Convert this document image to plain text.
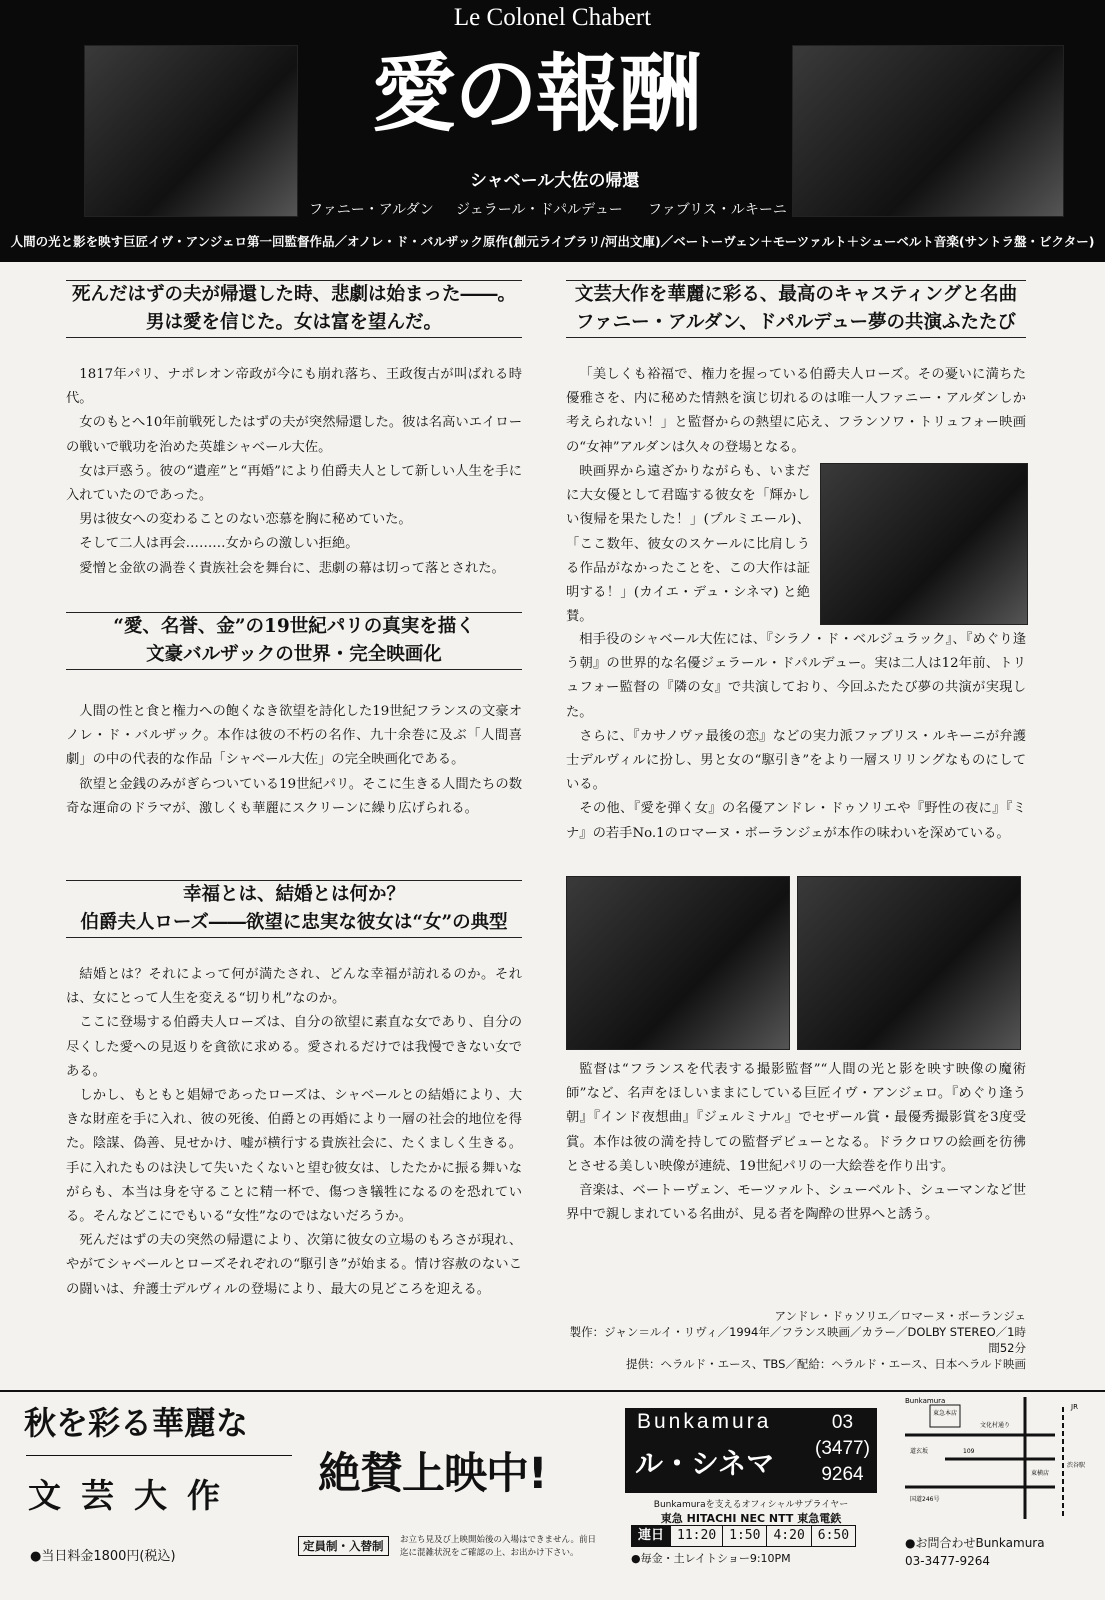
Le Colonel Chabert
愛の報酬
シャベール大佐の帰還
ファニー・アルダン ジェラール・ドパルデュー ファブリス・ルキーニ
人間の光と影を映す巨匠イヴ・アンジェロ第一回監督作品／オノレ・ド・バルザック原作(創元ライブラリ/河出文庫)／ベートーヴェン＋モーツァルト＋シューベルト音楽(サントラ盤・ビクター)
死んだはずの夫が帰還した時、悲劇は始まった――。
男は愛を信じた。女は富を望んだ。

1817年パリ、ナポレオン帝政が今にも崩れ落ち、王政復古が叫ばれる時代。

女のもとへ10年前戦死したはずの夫が突然帰還した。彼は名高いエイローの戦いで戦功を治めた英雄シャベール大佐。

女は戸惑う。彼の“遺産”と“再婚”により伯爵夫人として新しい人生を手に入れていたのであった。

男は彼女への変わることのない恋慕を胸に秘めていた。

そして二人は再会………女からの激しい拒絶。

愛憎と金欲の渦巻く貴族社会を舞台に、悲劇の幕は切って落とされた。

“愛、名誉、金”の19世紀パリの真実を描く
文豪バルザックの世界・完全映画化

人間の性と食と権力への飽くなき欲望を詩化した19世紀フランスの文豪オノレ・ド・バルザック。本作は彼の不朽の名作、九十余巻に及ぶ「人間喜劇」の中の代表的な作品「シャベール大佐」の完全映画化である。

欲望と金銭のみがぎらついている19世紀パリ。そこに生きる人間たちの数奇な運命のドラマが、激しくも華麗にスクリーンに繰り広げられる。

幸福とは、結婚とは何か？
伯爵夫人ローズ――欲望に忠実な彼女は“女”の典型

結婚とは？それによって何が満たされ、どんな幸福が訪れるのか。それは、女にとって人生を変える“切り札”なのか。

ここに登場する伯爵夫人ローズは、自分の欲望に素直な女であり、自分の尽くした愛への見返りを貪欲に求める。愛されるだけでは我慢できない女である。

しかし、もともと娼婦であったローズは、シャベールとの結婚により、大きな財産を手に入れ、彼の死後、伯爵との再婚により一層の社会的地位を得た。陰謀、偽善、見せかけ、嘘が横行する貴族社会に、たくましく生きる。手に入れたものは決して失いたくないと望む彼女は、したたかに振る舞いながらも、本当は身を守ることに精一杯で、傷つき犠牲になるのを恐れている。そんなどこにでもいる“女性”なのではないだろうか。

死んだはずの夫の突然の帰還により、次第に彼女の立場のもろさが現れ、やがてシャベールとローズそれぞれの“駆引き”が始まる。情け容赦のないこの闘いは、弁護士デルヴィルの登場により、最大の見どころを迎える。

文芸大作を華麗に彩る、最高のキャスティングと名曲
ファニー・アルダン、ドパルデュー夢の共演ふたたび

「美しくも裕福で、権力を握っている伯爵夫人ローズ。その憂いに満ちた優雅さを、内に秘めた情熱を演じ切れるのは唯一人ファニー・アルダンしか考えられない！」と監督からの熱望に応え、フランソワ・トリュフォー映画の“女神”アルダンは久々の登場となる。

映画界から遠ざかりながらも、いまだに大女優として君臨する彼女を「輝かしい復帰を果たした！」(プルミエール)、「ここ数年、彼女のスケールに比肩しうる作品がなかったことを、この大作は証明する！」(カイエ・デュ・シネマ) と絶賛。

相手役のシャベール大佐には、『シラノ・ド・ベルジュラック』、『めぐり逢う朝』の世界的な名優ジェラール・ドパルデュー。実は二人は12年前、トリュフォー監督の『隣の女』で共演しており、今回ふたたび夢の共演が実現した。

さらに、『カサノヴァ最後の恋』などの実力派ファブリス・ルキーニが弁護士デルヴィルに扮し、男と女の“駆引き”をより一層スリリングなものにしている。

その他、『愛を弾く女』の名優アンドレ・ドゥソリエや『野性の夜に』『ミナ』の若手No.1のロマーヌ・ボーランジェが本作の味わいを深めている。

監督は“フランスを代表する撮影監督”“人間の光と影を映す映像の魔術師”など、名声をほしいままにしている巨匠イヴ・アンジェロ。『めぐり逢う朝』『インド夜想曲』『ジェルミナル』でセザール賞・最優秀撮影賞を3度受賞。本作は彼の満を持しての監督デビューとなる。ドラクロワの絵画を彷彿とさせる美しい映像が連続、19世紀パリの一大絵巻を作り出す。

音楽は、ベートーヴェン、モーツァルト、シューベルト、シューマンなど世界中で親しまれている名曲が、見る者を陶酔の世界へと誘う。

アンドレ・ドゥソリエ／ロマーヌ・ボーランジェ
製作：ジャン＝ルイ・リヴィ／1994年／フランス映画／カラー／DOLBY STEREO／1時間52分
提供：ヘラルド・エース、TBS／配給：ヘラルド・エース、日本ヘラルド映画
秋を彩る華麗な
文芸大作
●当日料金1800円(税込)
絶賛上映中!
定員制・入替制	お立ち見及び上映開始後の入場はできません。前日迄に混雑状況をご確認の上、お出かけ下さい。
Bunkamura
ル・シネマ
03
(3477)
9264
Bunkamuraを支えるオフィシャルサプライヤー
東急 HITACHI NEC NTT 東急電鉄
連日	11:20	1:50	4:20	6:50
●毎金・土レイトショー9:10PM
Bunkamura
東急本店
文化村通り
道玄坂	109
東横店
国道246号
渋谷駅
JR
●お問合わせBunkamura
03-3477-9264
